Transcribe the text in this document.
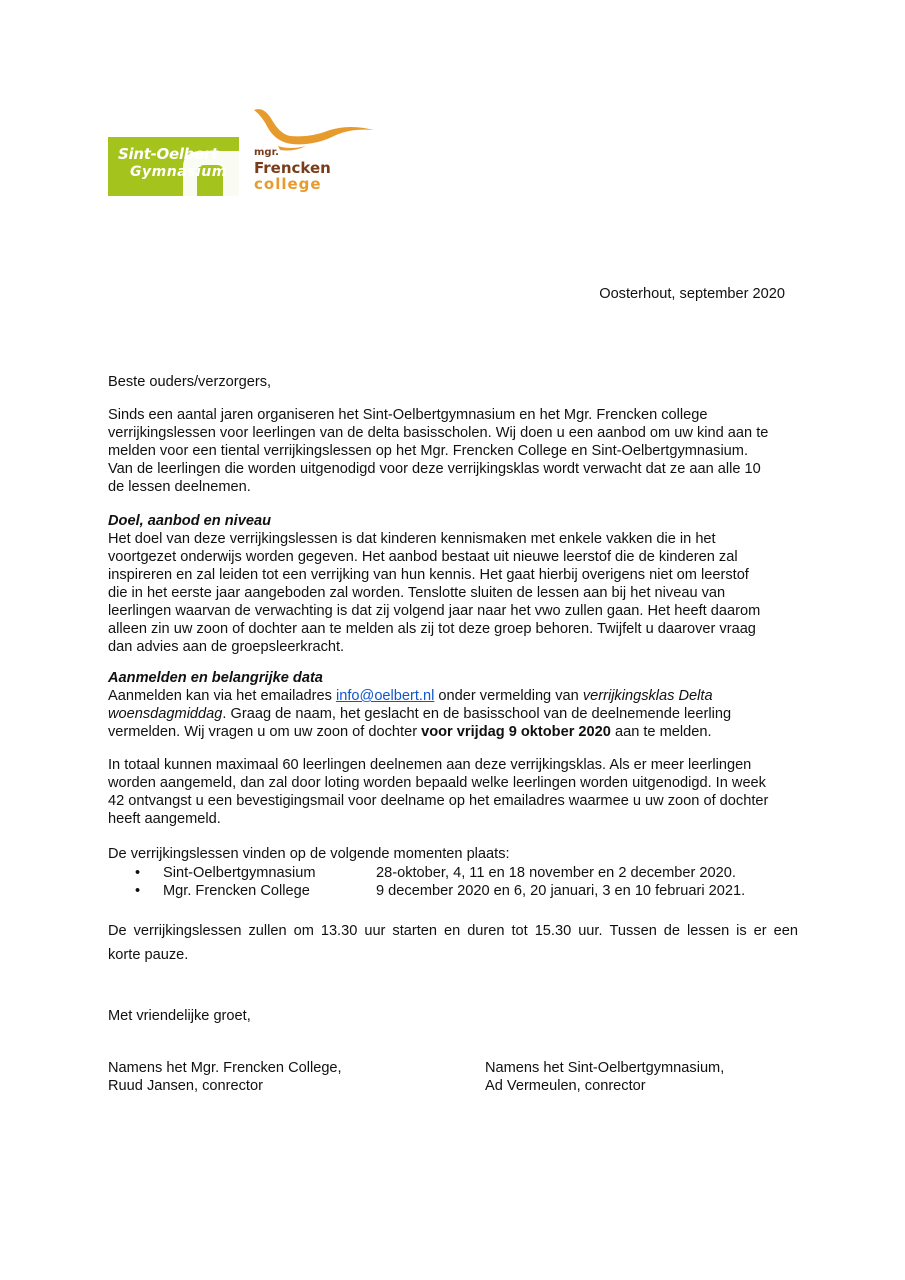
Sint-Oelbert
Gymnasium
mgr.
Frencken
college
Oosterhout, september 2020
Beste ouders/verzorgers,
Sinds een aantal jaren organiseren het Sint-Oelbertgymnasium en het Mgr. Frencken college
verrijkingslessen voor leerlingen van de delta basisscholen. Wij doen u een aanbod om uw kind aan te
melden voor een tiental verrijkingslessen op het Mgr. Frencken College en Sint-Oelbertgymnasium.
Van de leerlingen die worden uitgenodigd voor deze verrijkingsklas wordt verwacht dat ze aan alle 10
de lessen deelnemen.
Doel, aanbod en niveau
Het doel van deze verrijkingslessen is dat kinderen kennismaken met enkele vakken die in het
voortgezet onderwijs worden gegeven. Het aanbod bestaat uit nieuwe leerstof die de kinderen zal
inspireren en zal leiden tot een verrijking van hun kennis. Het gaat hierbij overigens niet om leerstof
die in het eerste jaar aangeboden zal worden. Tenslotte sluiten de lessen aan bij het niveau van
leerlingen waarvan de verwachting is dat zij volgend jaar naar het vwo zullen gaan. Het heeft daarom
alleen zin uw zoon of dochter aan te melden als zij tot deze groep behoren. Twijfelt u daarover vraag
dan advies aan de groepsleerkracht.
Aanmelden en belangrijke data
Aanmelden kan via het emailadres info@oelbert.nl onder vermelding van verrijkingsklas Delta
woensdagmiddag. Graag de naam, het geslacht en de basisschool van de deelnemende leerling
vermelden. Wij vragen u om uw zoon of dochter voor vrijdag 9 oktober 2020 aan te melden.
In totaal kunnen maximaal 60 leerlingen deelnemen aan deze verrijkingsklas. Als er meer leerlingen
worden aangemeld, dan zal door loting worden bepaald welke leerlingen worden uitgenodigd. In week
42 ontvangst u een bevestigingsmail voor deelname op het emailadres waarmee u uw zoon of dochter
heeft aangemeld.
De verrijkingslessen vinden op de volgende momenten plaats:
• Sint-Oelbertgymnasium	28-oktober, 4, 11 en 18 november en 2 december 2020.
• Mgr. Frencken College	9 december 2020 en 6, 20 januari, 3 en 10 februari 2021.
De verrijkingslessen zullen om 13.30 uur starten en duren tot 15.30 uur. Tussen de lessen is er een
korte pauze.
Met vriendelijke groet,
Namens het Mgr. Frencken College,
Ruud Jansen, conrector
Namens het Sint-Oelbertgymnasium,
Ad Vermeulen, conrector
